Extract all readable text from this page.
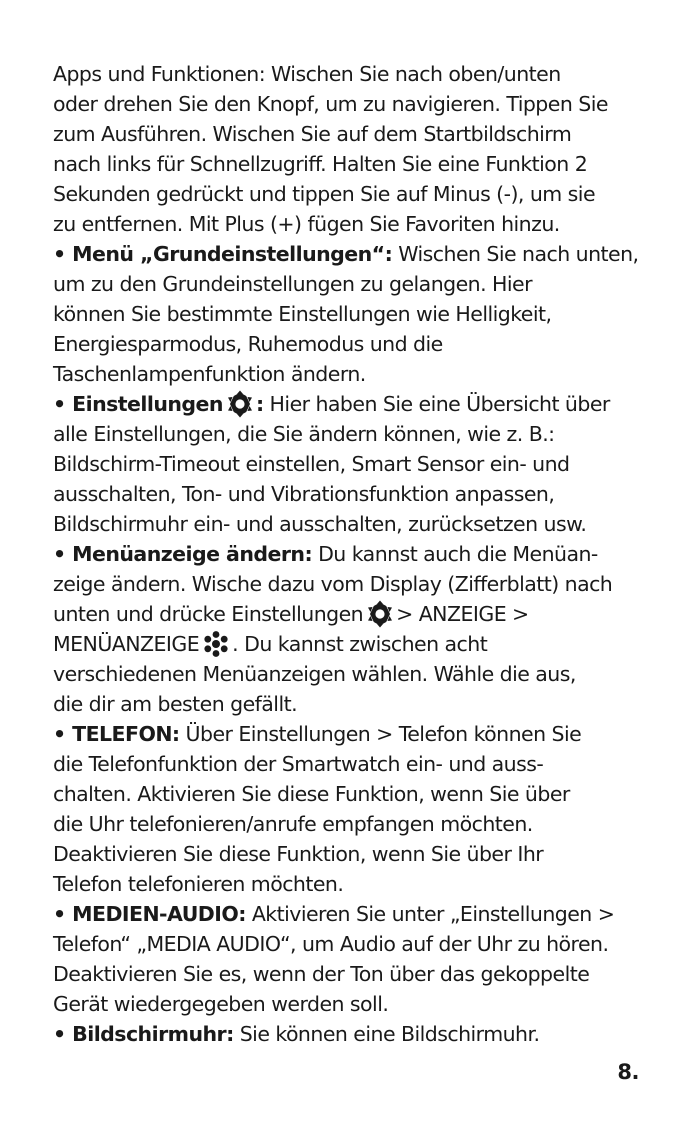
Apps und Funktionen: Wischen Sie nach oben/unten
oder drehen Sie den Knopf, um zu navigieren. Tippen Sie
zum Ausführen. Wischen Sie auf dem Startbildschirm
nach links für Schnellzugriff. Halten Sie eine Funktion 2
Sekunden gedrückt und tippen Sie auf Minus (-), um sie
zu entfernen. Mit Plus (+) fügen Sie Favoriten hinzu.
• Menü „Grundeinstellungen“: Wischen Sie nach unten,
um zu den Grundeinstellungen zu gelangen. Hier
können Sie bestimmte Einstellungen wie Helligkeit,
Energiesparmodus, Ruhemodus und die
Taschenlampenfunktion ändern.
• Einstellungen : Hier haben Sie eine Übersicht über
alle Einstellungen, die Sie ändern können, wie z. B.:
Bildschirm-Timeout einstellen, Smart Sensor ein- und
ausschalten, Ton- und Vibrationsfunktion anpassen,
Bildschirmuhr ein- und ausschalten, zurücksetzen usw.
• Menüanzeige ändern: Du kannst auch die Menüan-
zeige ändern. Wische dazu vom Display (Zifferblatt) nach
unten und drücke Einstellungen > ANZEIGE >
MENÜANZEIGE . Du kannst zwischen acht
verschiedenen Menüanzeigen wählen. Wähle die aus,
die dir am besten gefällt.
• TELEFON: Über Einstellungen > Telefon können Sie
die Telefonfunktion der Smartwatch ein- und auss-
chalten. Aktivieren Sie diese Funktion, wenn Sie über
die Uhr telefonieren/anrufe empfangen möchten.
Deaktivieren Sie diese Funktion, wenn Sie über Ihr
Telefon telefonieren möchten.
• MEDIEN-AUDIO: Aktivieren Sie unter „Einstellungen >
Telefon“ „MEDIA AUDIO“, um Audio auf der Uhr zu hören.
Deaktivieren Sie es, wenn der Ton über das gekoppelte
Gerät wiedergegeben werden soll.
• Bildschirmuhr: Sie können eine Bildschirmuhr.
8.
